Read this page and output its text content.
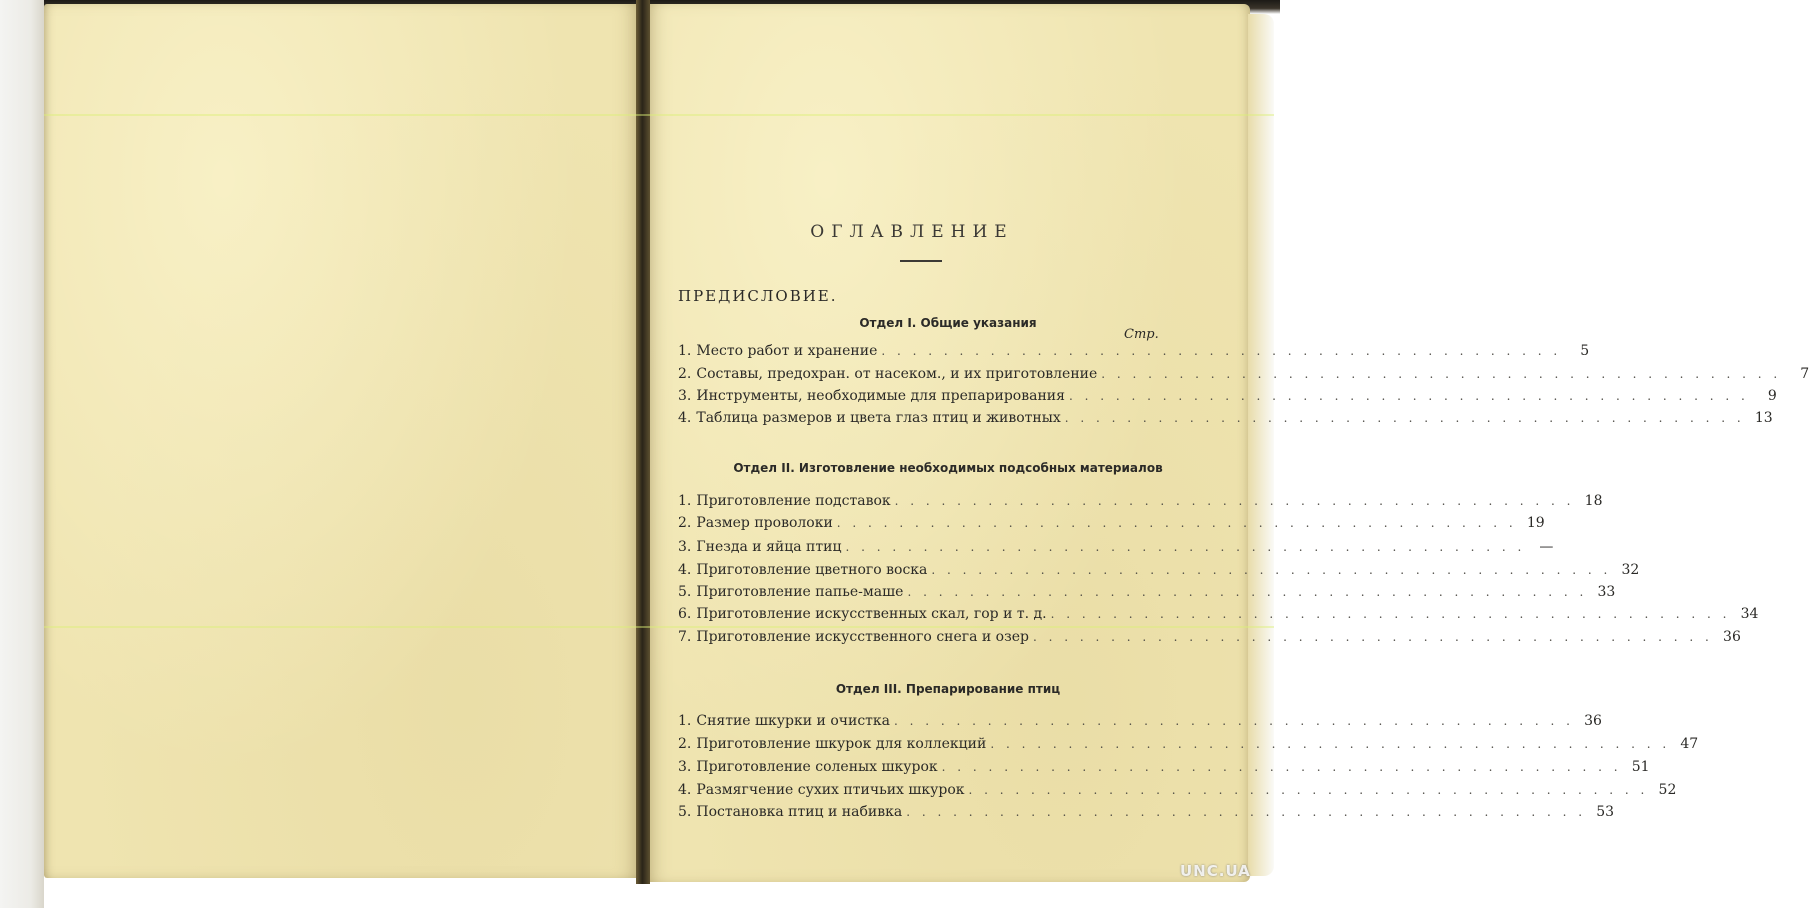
ОГЛАВЛЕНИЕ
ПРЕДИСЛОВИЕ.
Отдел I. Общие указания
Стр.
1. Место работ и хранение . . . . . . . . . . . . . . . . . . . . . . . . . . . . . . . . . . . . . . . . . . . .	5
2. Составы, предохран. от насеком., и их приготовление . . . . . . . . . . . . . . . . . . . . . . . . . . . . . . . . . . . . . . . . . . . .	7
3. Инструменты, необходимые для препарирования . . . . . . . . . . . . . . . . . . . . . . . . . . . . . . . . . . . . . . . . . . . .	9
4. Таблица размеров и цвета глаз птиц и животных . . . . . . . . . . . . . . . . . . . . . . . . . . . . . . . . . . . . . . . . . . . . 13
Отдел II. Изготовление необходимых подсобных материалов
1. Приготовление подставок . . . . . . . . . . . . . . . . . . . . . . . . . . . . . . . . . . . . . . . . . . . . 18
2. Размер проволоки . . . . . . . . . . . . . . . . . . . . . . . . . . . . . . . . . . . . . . . . . . . . 19
3. Гнезда и яйца птиц . . . . . . . . . . . . . . . . . . . . . . . . . . . . . . . . . . . . . . . . . . . .	—
4. Приготовление цветного воска . . . . . . . . . . . . . . . . . . . . . . . . . . . . . . . . . . . . . . . . . . . . 32
5. Приготовление папье-маше . . . . . . . . . . . . . . . . . . . . . . . . . . . . . . . . . . . . . . . . . . . . 33
6. Приготовление искусственных скал, гор и т. д. . . . . . . . . . . . . . . . . . . . . . . . . . . . . . . . . . . . . . . . . . . . . 34
7. Приготовление искусственного снега и озер . . . . . . . . . . . . . . . . . . . . . . . . . . . . . . . . . . . . . . . . . . . . 36
Отдел III. Препарирование птиц
1. Снятие шкурки и очистка . . . . . . . . . . . . . . . . . . . . . . . . . . . . . . . . . . . . . . . . . . . . 36
2. Приготовление шкурок для коллекций . . . . . . . . . . . . . . . . . . . . . . . . . . . . . . . . . . . . . . . . . . . . 47
3. Приготовление соленых шкурок . . . . . . . . . . . . . . . . . . . . . . . . . . . . . . . . . . . . . . . . . . . . 51
4. Размягчение сухих птичьих шкурок . . . . . . . . . . . . . . . . . . . . . . . . . . . . . . . . . . . . . . . . . . . . 52
5. Постановка птиц и набивка . . . . . . . . . . . . . . . . . . . . . . . . . . . . . . . . . . . . . . . . . . . . 53
UNC.UA
